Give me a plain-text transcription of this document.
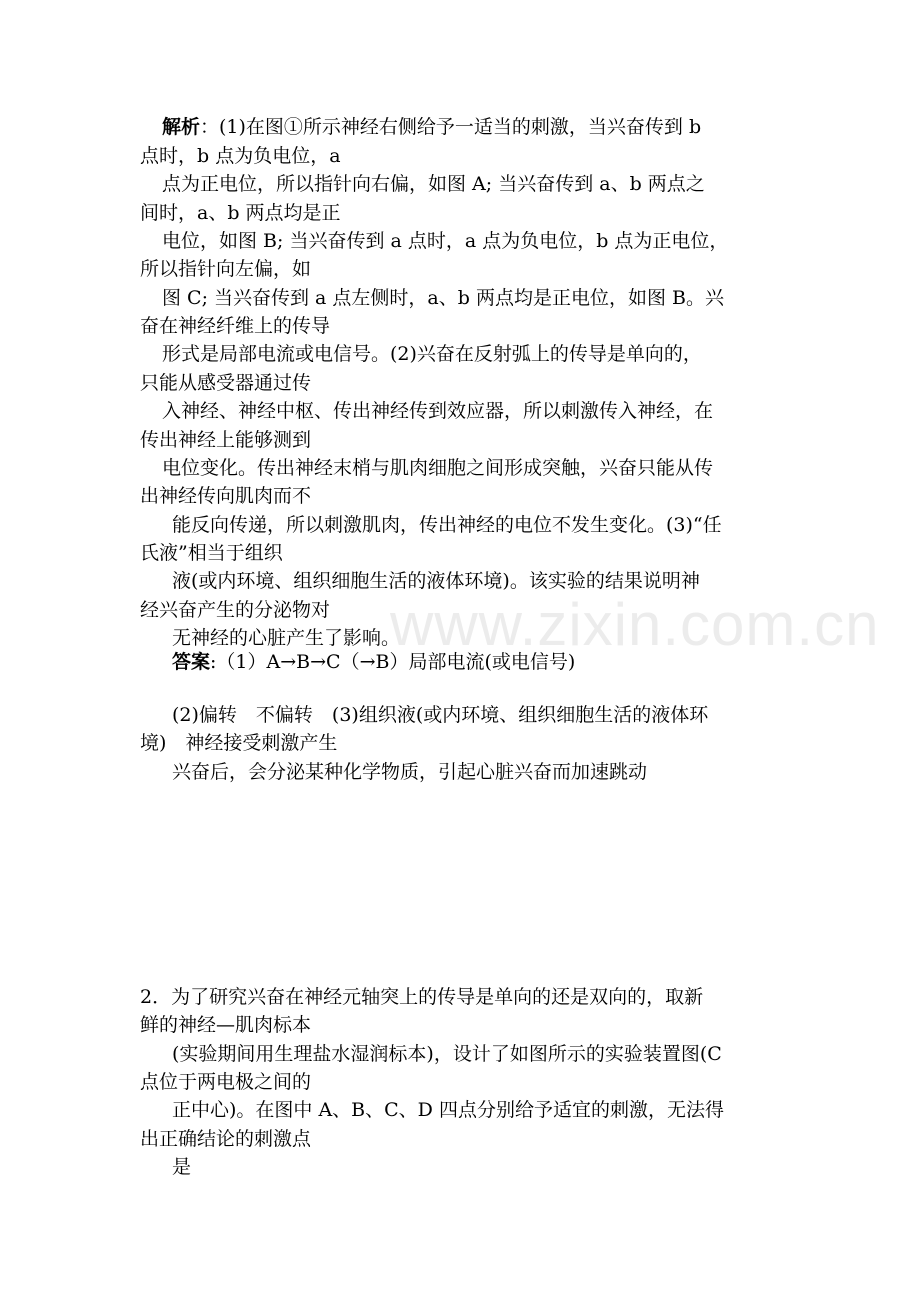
www.zixin.com.cn
解析：(1)在图①所示神经右侧给予一适当的刺激，当兴奋传到 b
点时，b 点为负电位，a
点为正电位，所以指针向右偏，如图 A; 当兴奋传到 a、b 两点之
间时，a、b 两点均是正
电位，如图 B; 当兴奋传到 a 点时，a 点为负电位，b 点为正电位，
所以指针向左偏，如
图 C; 当兴奋传到 a 点左侧时，a、b 两点均是正电位，如图 B。兴
奋在神经纤维上的传导
形式是局部电流或电信号。(2)兴奋在反射弧上的传导是单向的，
只能从感受器通过传
入神经、神经中枢、传出神经传到效应器，所以刺激传入神经，在
传出神经上能够测到
电位变化。传出神经末梢与肌肉细胞之间形成突触，兴奋只能从传
出神经传向肌肉而不
能反向传递，所以刺激肌肉，传出神经的电位不发生变化。(3)“任
氏液”相当于组织
液(或内环境、组织细胞生活的液体环境)。该实验的结果说明神
经兴奋产生的分泌物对
无神经的心脏产生了影响。
答案:（1）A→B→C（→B）局部电流(或电信号)
(2)偏转　不偏转　(3)组织液(或内环境、组织细胞生活的液体环
境)　神经接受刺激产生
兴奋后，会分泌某种化学物质，引起心脏兴奋而加速跳动
2．为了研究兴奋在神经元轴突上的传导是单向的还是双向的，取新
鲜的神经—肌肉标本
(实验期间用生理盐水湿润标本)，设计了如图所示的实验装置图(C
点位于两电极之间的
正中心)。在图中 A、B、C、D 四点分别给予适宜的刺激，无法得
出正确结论的刺激点
是
